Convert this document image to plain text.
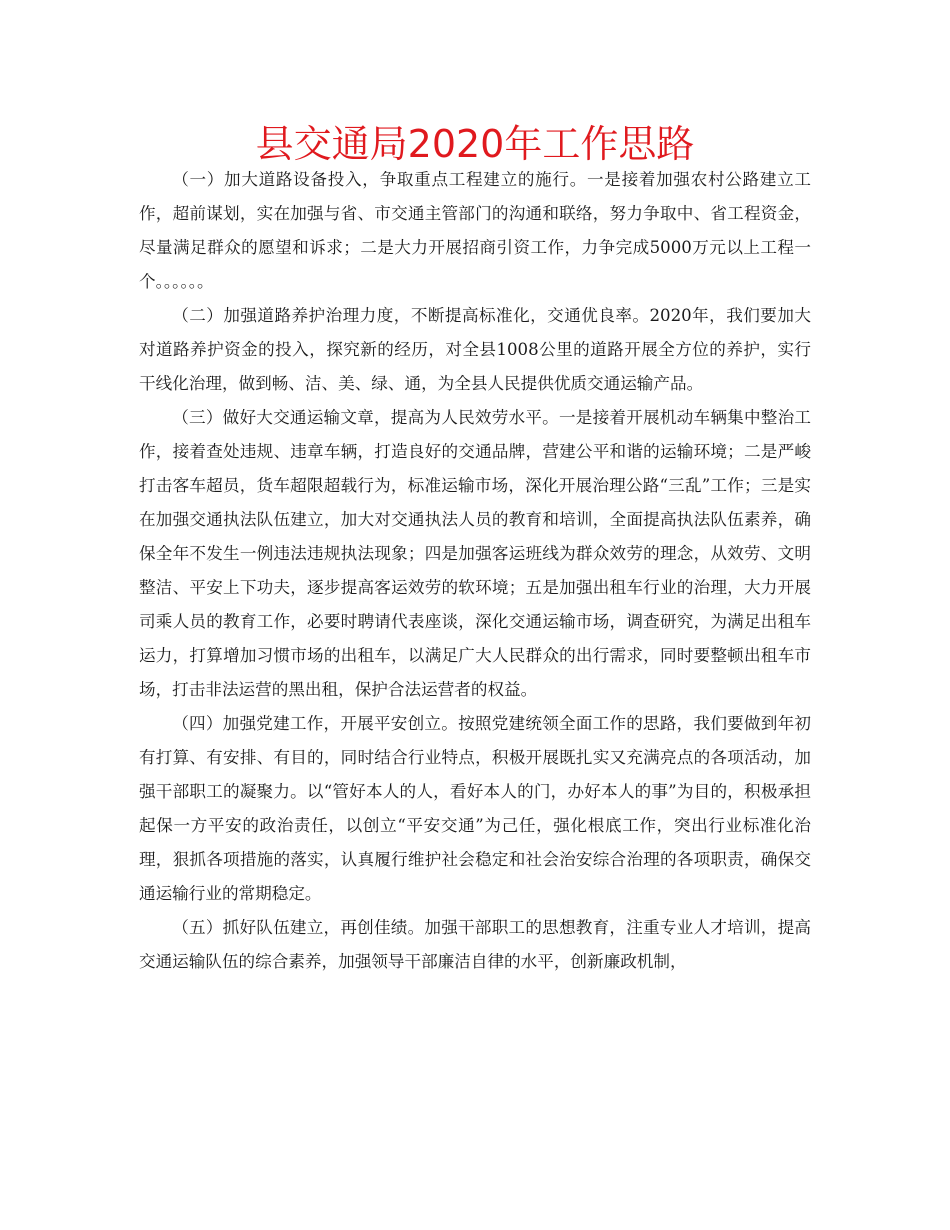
县交通局2020年工作思路

（一）加大道路设备投入，争取重点工程建立的施行。一是接着加强农村公路建立工作，超前谋划，实在加强与省、市交通主管部门的沟通和联络，努力争取中、省工程资金，尽量满足群众的愿望和诉求；二是大力开展招商引资工作，力争完成5000万元以上工程一个。。。。。。

（二）加强道路养护治理力度，不断提高标准化，交通优良率。2020年，我们要加大对道路养护资金的投入，探究新的经历，对全县1008公里的道路开展全方位的养护，实行干线化治理，做到畅、洁、美、绿、通，为全县人民提供优质交通运输产品。

（三）做好大交通运输文章，提高为人民效劳水平。一是接着开展机动车辆集中整治工作，接着查处违规、违章车辆，打造良好的交通品牌，营建公平和谐的运输环境；二是严峻打击客车超员，货车超限超载行为，标准运输市场，深化开展治理公路“三乱”工作；三是实在加强交通执法队伍建立，加大对交通执法人员的教育和培训，全面提高执法队伍素养，确保全年不发生一例违法违规执法现象；四是加强客运班线为群众效劳的理念，从效劳、文明整洁、平安上下功夫，逐步提高客运效劳的软环境；五是加强出租车行业的治理，大力开展司乘人员的教育工作，必要时聘请代表座谈，深化交通运输市场，调查研究，为满足出租车运力，打算增加习惯市场的出租车，以满足广大人民群众的出行需求，同时要整顿出租车市场，打击非法运营的黑出租，保护合法运营者的权益。

（四）加强党建工作，开展平安创立。按照党建统领全面工作的思路，我们要做到年初有打算、有安排、有目的，同时结合行业特点，积极开展既扎实又充满亮点的各项活动，加强干部职工的凝聚力。以“管好本人的人，看好本人的门，办好本人的事”为目的，积极承担起保一方平安的政治责任，以创立“平安交通”为己任，强化根底工作，突出行业标准化治理，狠抓各项措施的落实，认真履行维护社会稳定和社会治安综合治理的各项职责，确保交通运输行业的常期稳定。

（五）抓好队伍建立，再创佳绩。加强干部职工的思想教育，注重专业人才培训，提高交通运输队伍的综合素养，加强领导干部廉洁自律的水平，创新廉政机制，
